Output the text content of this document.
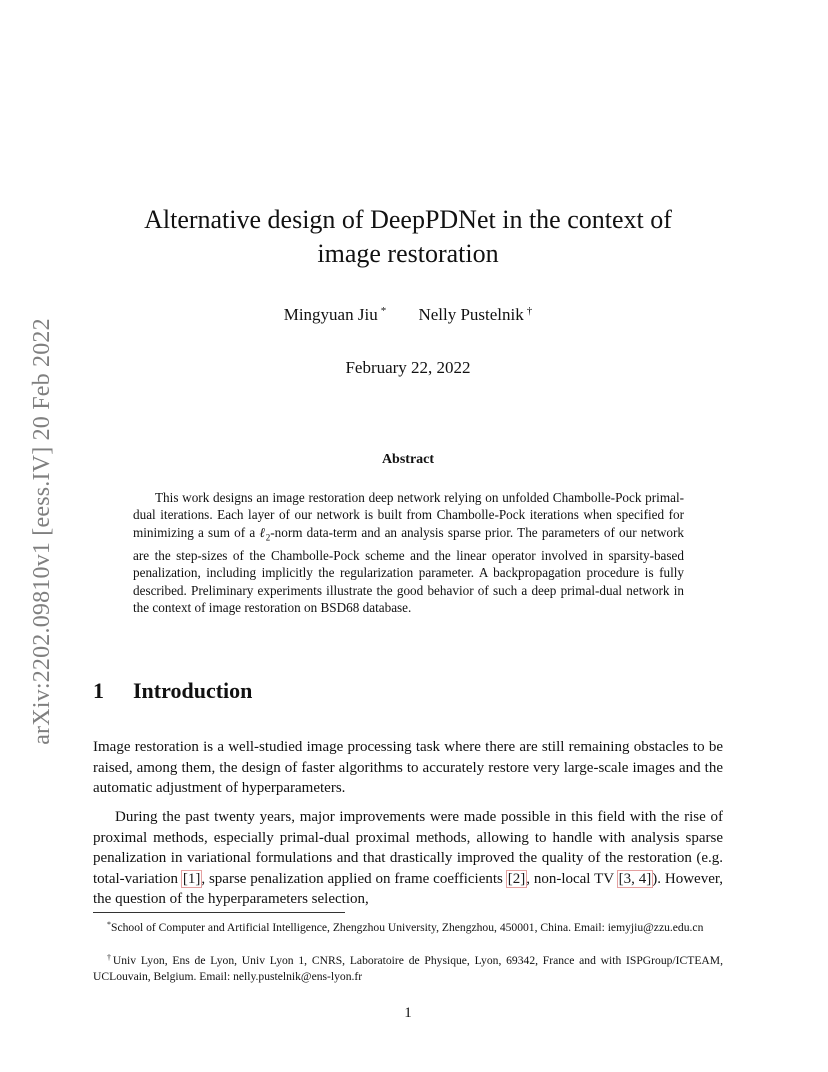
arXiv:2202.09810v1 [eess.IV] 20 Feb 2022
Alternative design of DeepPDNet in the context of
image restoration
Mingyuan Jiu * Nelly Pustelnik †
February 22, 2022
Abstract

This work designs an image restoration deep network relying on unfolded Chambolle-Pock primal-dual iterations. Each layer of our network is built from Chambolle-Pock iterations when specified for minimizing a sum of a ℓ$_2$-norm data-term and an analysis sparse prior. The parameters of our network are the step-sizes of the Chambolle-Pock scheme and the linear operator involved in sparsity-based penalization, including implicitly the regularization parameter. A backpropagation procedure is fully described. Preliminary experiments illustrate the good behavior of such a deep primal-dual network in the context of image restoration on BSD68 database.

1 Introduction

Image restoration is a well-studied image processing task where there are still remaining obstacles to be raised, among them, the design of faster algorithms to accurately restore very large-scale images and the automatic adjustment of hyperparameters.

During the past twenty years, major improvements were made possible in this field with the rise of proximal methods, especially primal-dual proximal methods, allowing to handle with analysis sparse penalization in variational formulations and that drastically improved the quality of the restoration (e.g. total-variation [1], sparse penalization applied on frame coefficients [2], non-local TV [3, 4]). However, the question of the hyperparameters selection,

*School of Computer and Artificial Intelligence, Zhengzhou University, Zhengzhou, 450001, China. Email: iemyjiu@zzu.edu.cn

†Univ Lyon, Ens de Lyon, Univ Lyon 1, CNRS, Laboratoire de Physique, Lyon, 69342, France and with ISPGroup/ICTEAM, UCLouvain, Belgium. Email: nelly.pustelnik@ens-lyon.fr

1
